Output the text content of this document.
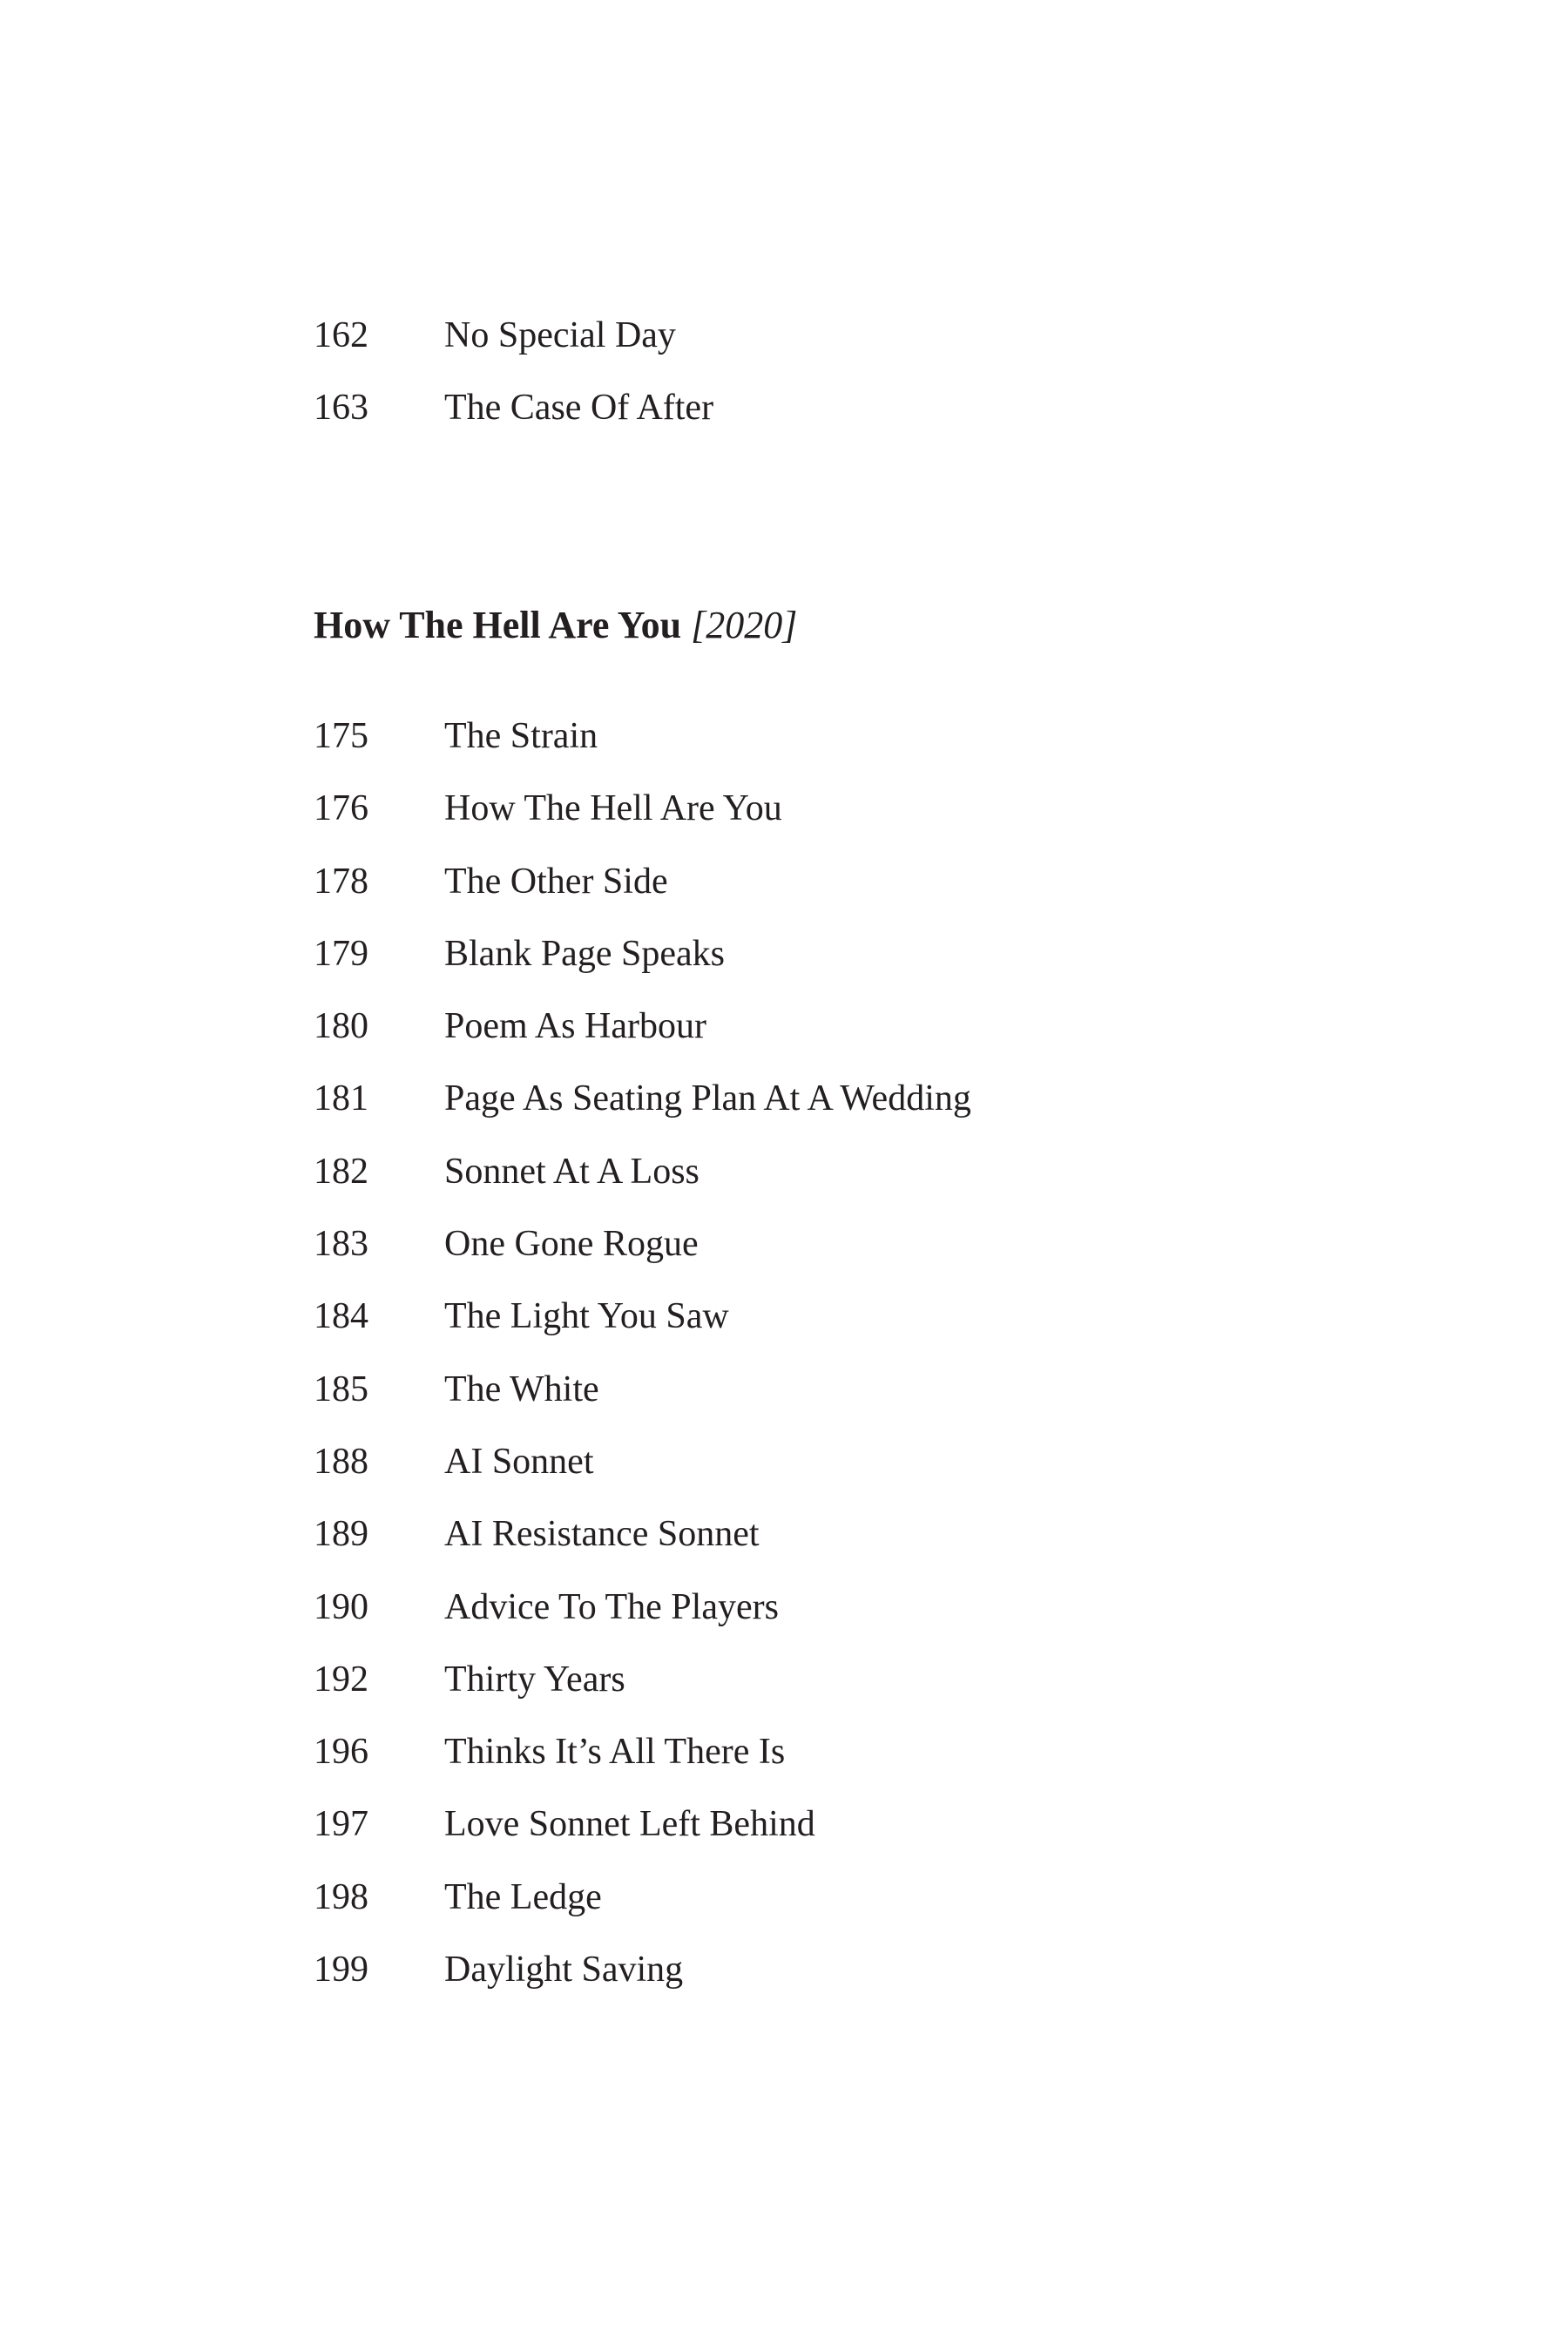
162	No Special Day
163	The Case Of After
How The Hell Are You [2020]
175	The Strain
176	How The Hell Are You
178	The Other Side
179	Blank Page Speaks
180	Poem As Harbour
181	Page As Seating Plan At A Wedding
182	Sonnet At A Loss
183	One Gone Rogue
184	The Light You Saw
185	The White
188	AI Sonnet
189	AI Resistance Sonnet
190	Advice To The Players
192	Thirty Years
196	Thinks It’s All There Is
197	Love Sonnet Left Behind
198	The Ledge
199	Daylight Saving
